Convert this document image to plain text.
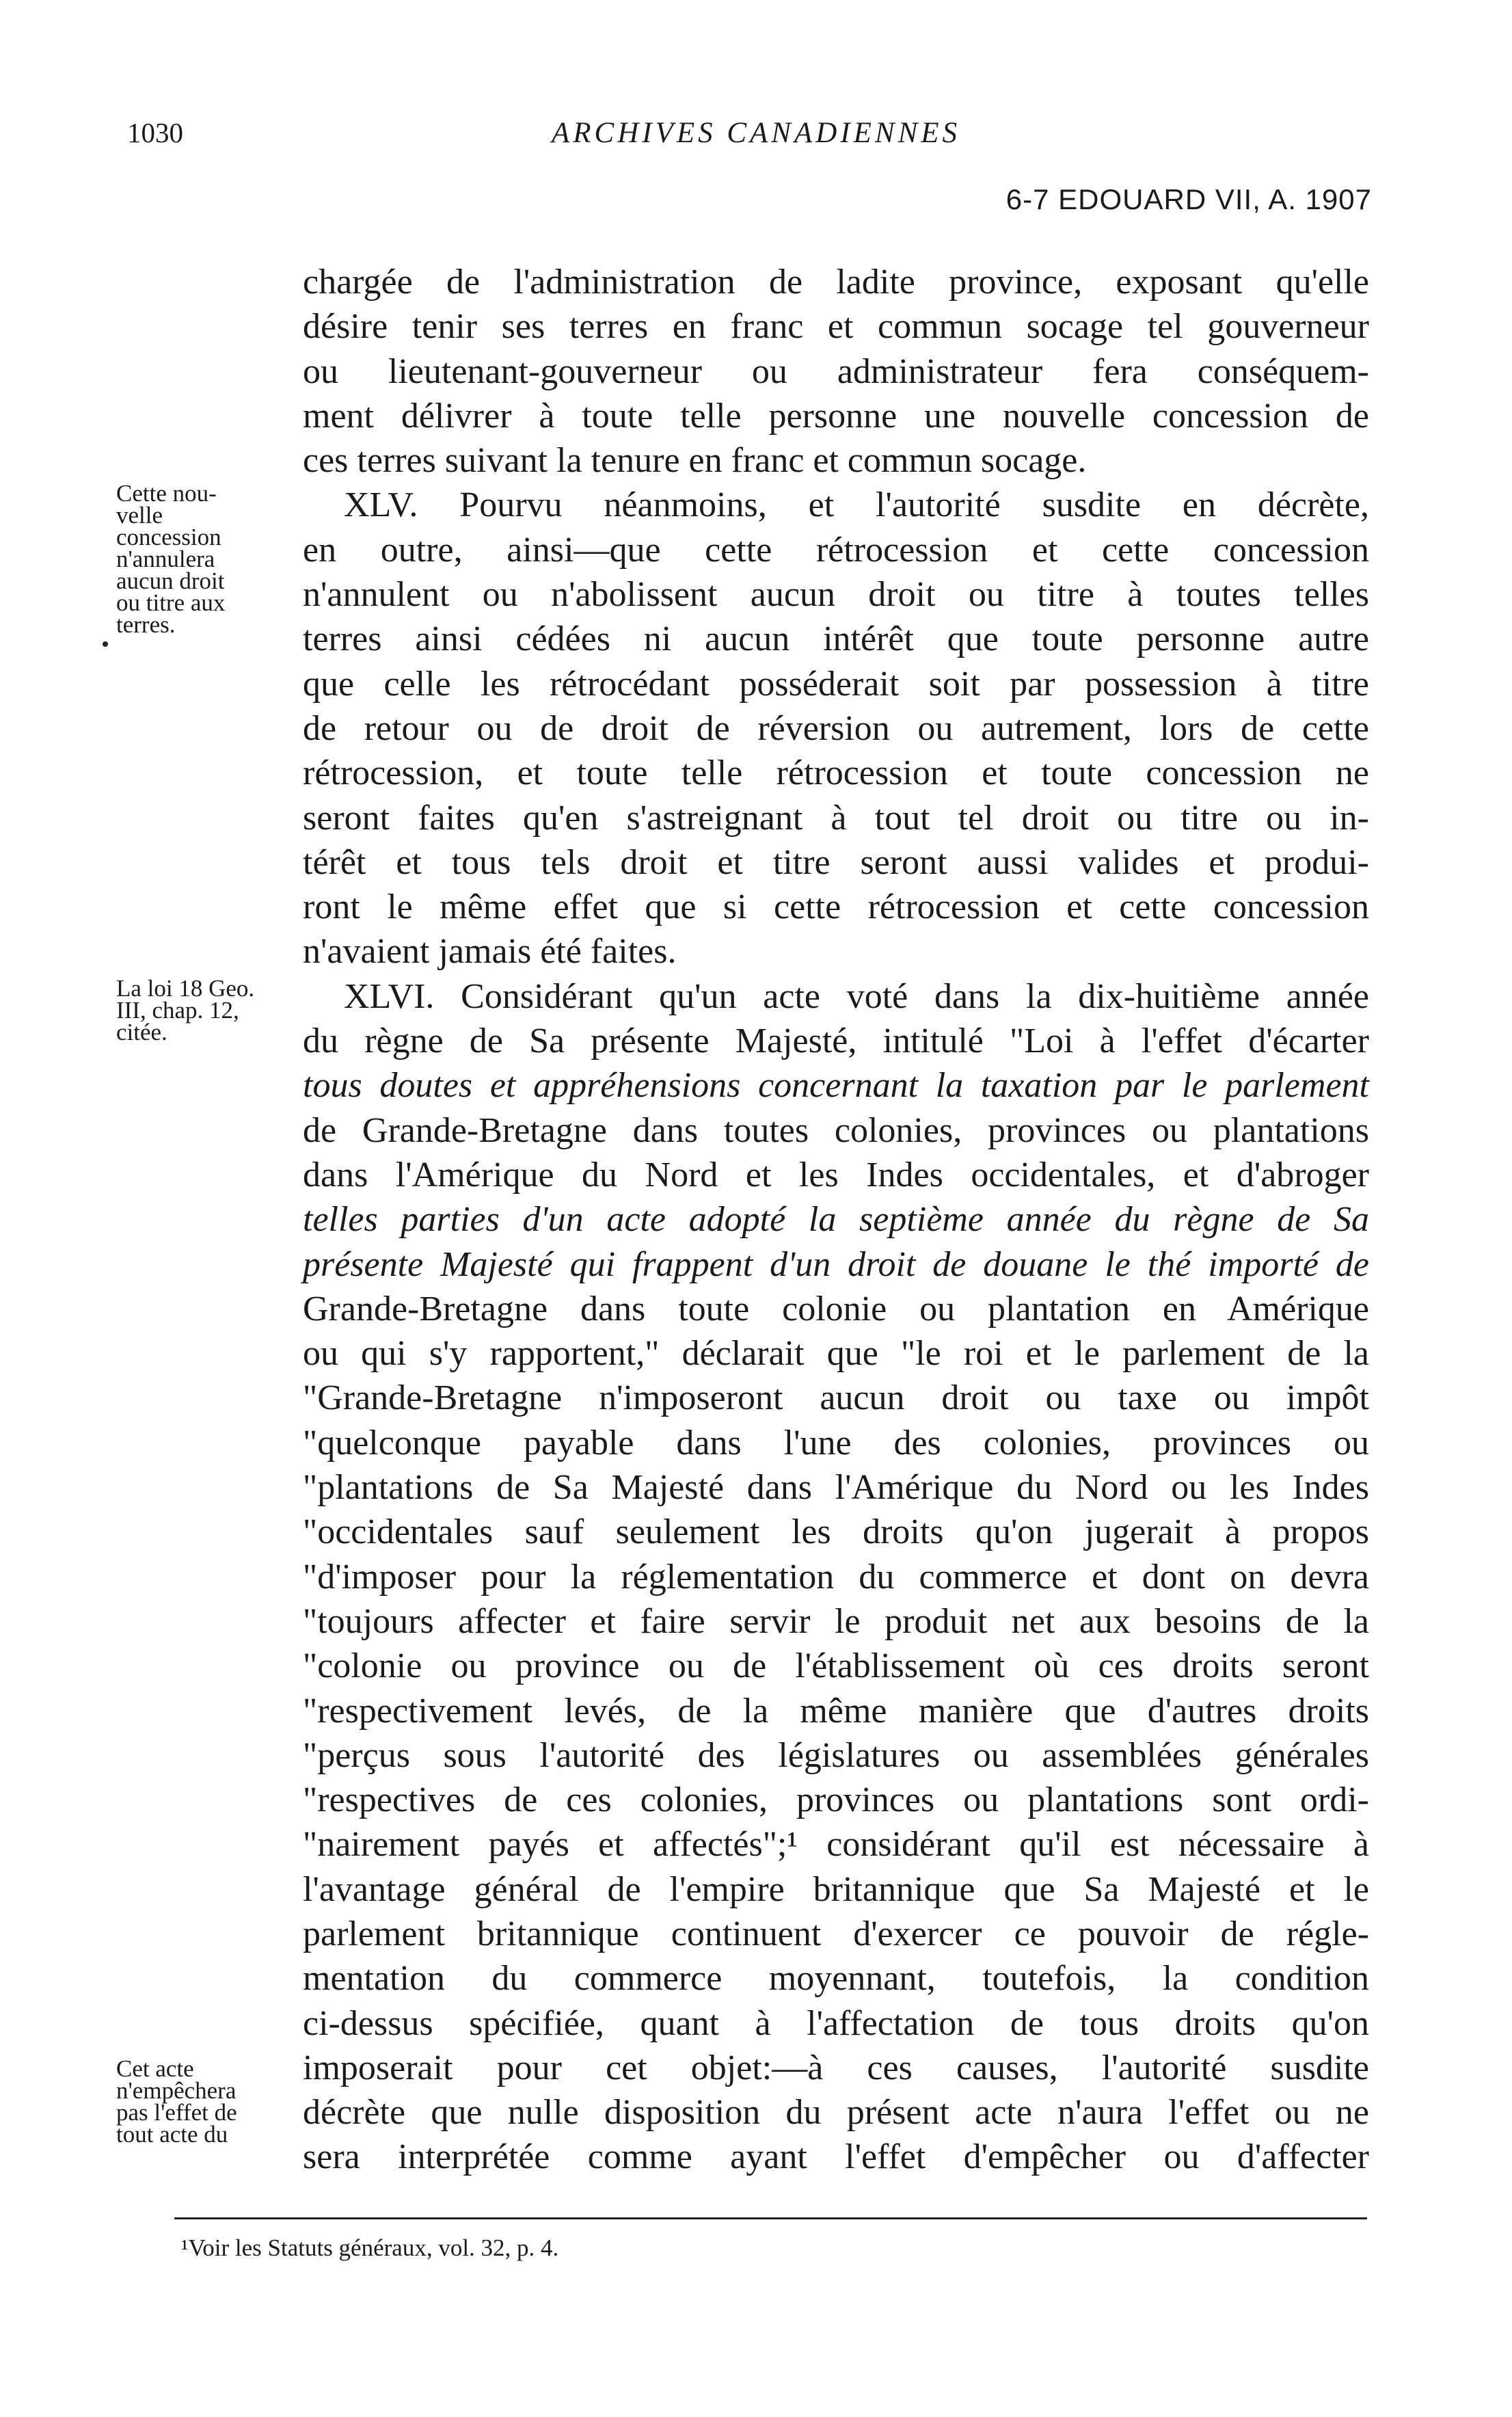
1030	ARCHIVES CANADIENNES
6-7 EDOUARD VII, A. 1907
Cette nou-
velle
concession
n'annulera
aucun droit
ou titre aux
terres.
La loi 18 Geo.
III, chap. 12,
citée.
Cet acte
n'empêchera
pas l'effet de
tout acte du
chargée de l'administration de ladite province, exposant qu'elle
désire tenir ses terres en franc et commun socage tel gouverneur
ou lieutenant-gouverneur ou administrateur fera conséquem-
ment délivrer à toute telle personne une nouvelle concession de
ces terres suivant la tenure en franc et commun socage.
XLV. Pourvu néanmoins, et l'autorité susdite en décrète,
en outre, ainsi—que cette rétrocession et cette concession
n'annulent ou n'abolissent aucun droit ou titre à toutes telles
terres ainsi cédées ni aucun intérêt que toute personne autre
que celle les rétrocédant posséderait soit par possession à titre
de retour ou de droit de réversion ou autrement, lors de cette
rétrocession, et toute telle rétrocession et toute concession ne
seront faites qu'en s'astreignant à tout tel droit ou titre ou in-
térêt et tous tels droit et titre seront aussi valides et produi-
ront le même effet que si cette rétrocession et cette concession
n'avaient jamais été faites.
XLVI. Considérant qu'un acte voté dans la dix-huitième année
du règne de Sa présente Majesté, intitulé "Loi à l'effet d'écarter
tous doutes et appréhensions concernant la taxation par le parlement
de Grande-Bretagne dans toutes colonies, provinces ou plantations
dans l'Amérique du Nord et les Indes occidentales, et d'abroger
telles parties d'un acte adopté la septième année du règne de Sa
présente Majesté qui frappent d'un droit de douane le thé importé de
Grande-Bretagne dans toute colonie ou plantation en Amérique
ou qui s'y rapportent," déclarait que "le roi et le parlement de la
"Grande-Bretagne n'imposeront aucun droit ou taxe ou impôt
"quelconque payable dans l'une des colonies, provinces ou
"plantations de Sa Majesté dans l'Amérique du Nord ou les Indes
"occidentales sauf seulement les droits qu'on jugerait à propos
"d'imposer pour la réglementation du commerce et dont on devra
"toujours affecter et faire servir le produit net aux besoins de la
"colonie ou province ou de l'établissement où ces droits seront
"respectivement levés, de la même manière que d'autres droits
"perçus sous l'autorité des législatures ou assemblées générales
"respectives de ces colonies, provinces ou plantations sont ordi-
"nairement payés et affectés";¹ considérant qu'il est nécessaire à
l'avantage général de l'empire britannique que Sa Majesté et le
parlement britannique continuent d'exercer ce pouvoir de régle-
mentation du commerce moyennant, toutefois, la condition
ci-dessus spécifiée, quant à l'affectation de tous droits qu'on
imposerait pour cet objet:—à ces causes, l'autorité susdite
décrète que nulle disposition du présent acte n'aura l'effet ou ne
sera interprétée comme ayant l'effet d'empêcher ou d'affecter
¹Voir les Statuts généraux, vol. 32, p. 4.
